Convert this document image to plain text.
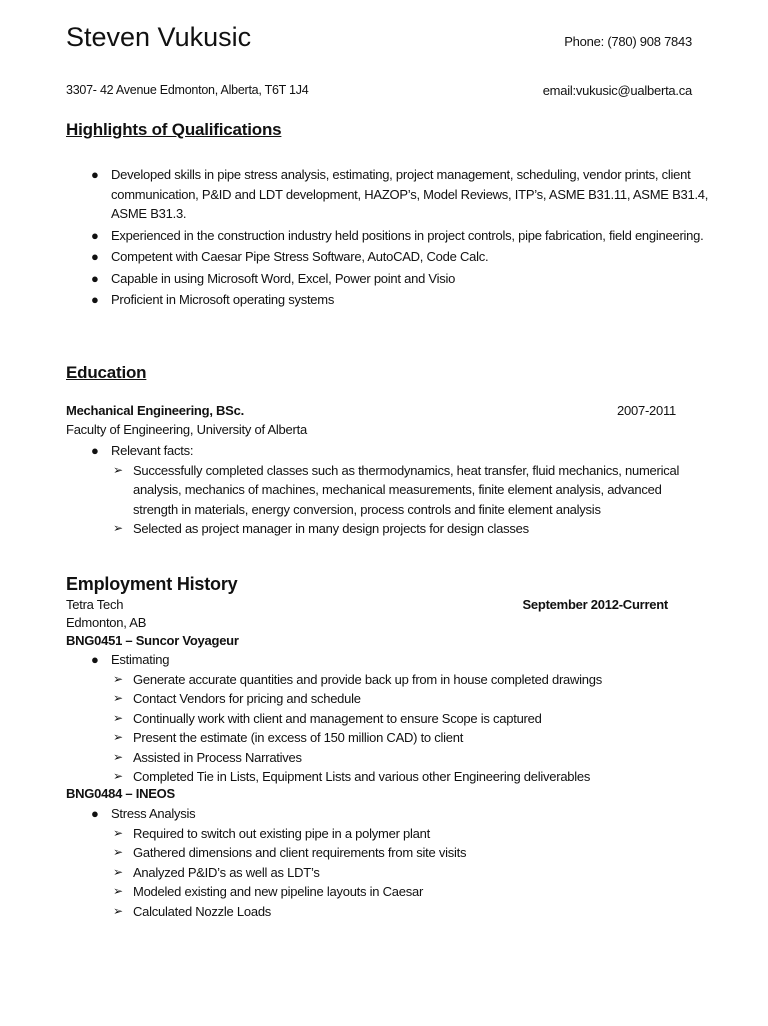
Steven Vukusic	Phone: (780) 908 7843
3307- 42 Avenue Edmonton, Alberta, T6T 1J4	email:vukusic@ualberta.ca
Highlights of Qualifications
● Developed skills in pipe stress analysis, estimating, project management, scheduling, vendor prints, client communication, P&ID and LDT development, HAZOP’s, Model Reviews, ITP’s, ASME B31.11, ASME B31.4, ASME B31.3.
● Experienced in the construction industry held positions in project controls, pipe fabrication, field engineering.
● Competent with Caesar Pipe Stress Software, AutoCAD, Code Calc.
● Capable in using Microsoft Word, Excel, Power point and Visio
● Proficient in Microsoft operating systems
Education
Mechanical Engineering, BSc.	2007-2011
Faculty of Engineering, University of Alberta
● Relevant facts:
➢ Successfully completed classes such as thermodynamics, heat transfer, fluid mechanics, numerical analysis, mechanics of machines, mechanical measurements, finite element analysis, advanced strength in materials, energy conversion, process controls and finite element analysis
➢ Selected as project manager in many design projects for design classes
Employment History
Tetra Tech	September 2012-Current
Edmonton, AB
BNG0451 – Suncor Voyageur
● Estimating
➢ Generate accurate quantities and provide back up from in house completed drawings
➢ Contact Vendors for pricing and schedule
➢ Continually work with client and management to ensure Scope is captured
➢ Present the estimate (in excess of 150 million CAD) to client
➢ Assisted in Process Narratives
➢ Completed Tie in Lists, Equipment Lists and various other Engineering deliverables
BNG0484 – INEOS
● Stress Analysis
➢ Required to switch out existing pipe in a polymer plant
➢ Gathered dimensions and client requirements from site visits
➢ Analyzed P&ID’s as well as LDT’s
➢ Modeled existing and new pipeline layouts in Caesar
➢ Calculated Nozzle Loads
